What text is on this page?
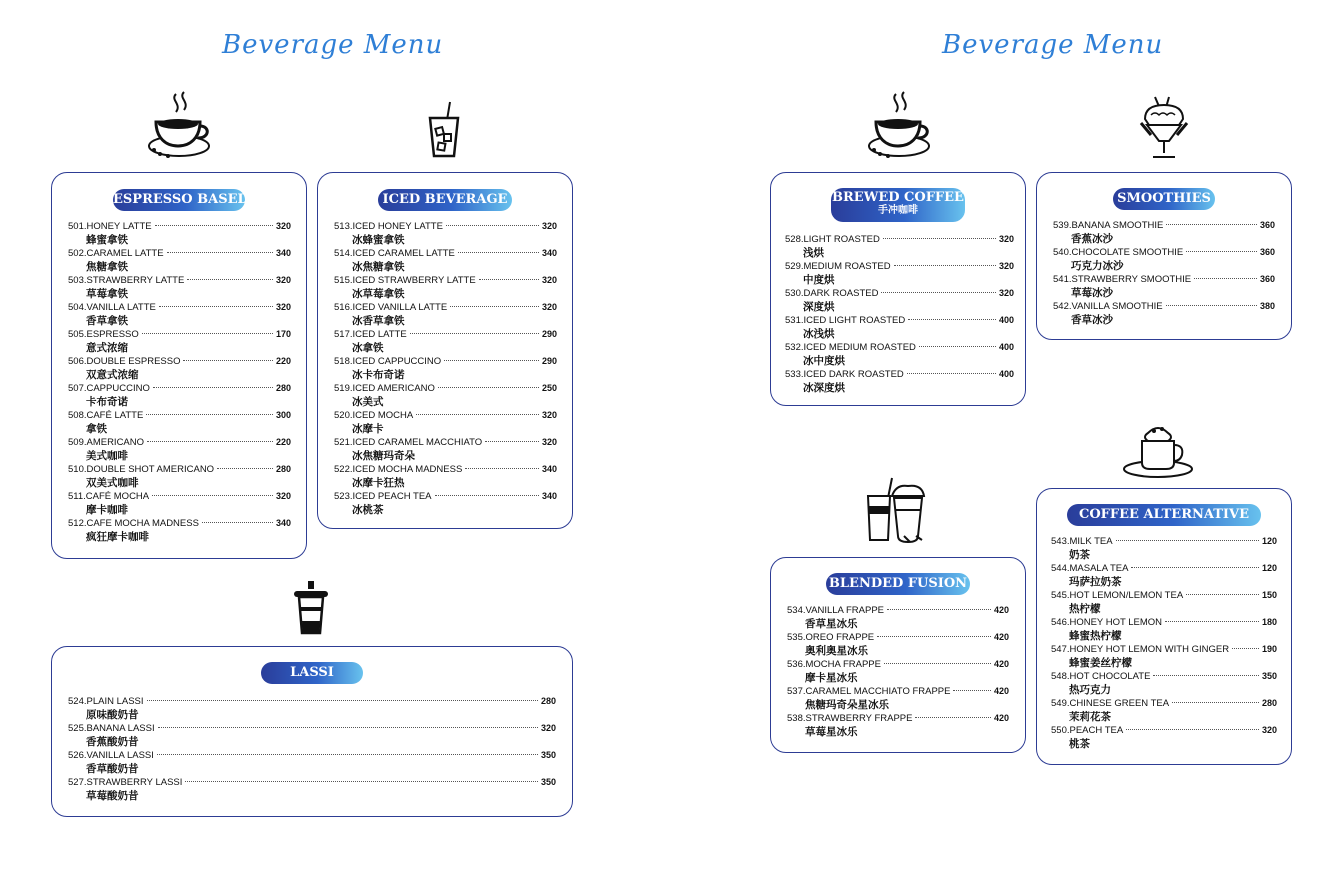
Beverage Menu	Beverage Menu
ESPRESSO BASED
501.HONEY LATTE	320
蜂蜜拿铁
502.CARAMEL LATTE	340
焦糖拿铁
503.STRAWBERRY LATTE	320
草莓拿铁
504.VANILLA LATTE	320
香草拿铁
505.ESPRESSO	170
意式浓缩
506.DOUBLE ESPRESSO	220
双意式浓缩
507.CAPPUCCINO	280
卡布奇诺
508.CAFÉ LATTE	300
拿铁
509.AMERICANO	220
美式咖啡
510.DOUBLE SHOT AMERICANO	280
双美式咖啡
511.CAFÉ MOCHA	320
摩卡咖啡
512.CAFE MOCHA MADNESS	340
疯狂摩卡咖啡
ICED BEVERAGE
513.ICED HONEY LATTE	320
冰蜂蜜拿铁
514.ICED CARAMEL LATTE	340
冰焦糖拿铁
515.ICED STRAWBERRY LATTE	320
冰草莓拿铁
516.ICED VANILLA LATTE	320
冰香草拿铁
517.ICED LATTE	290
冰拿铁
518.ICED CAPPUCCINO	290
冰卡布奇诺
519.ICED AMERICANO	250
冰美式
520.ICED MOCHA	320
冰摩卡
521.ICED CARAMEL MACCHIATO	320
冰焦糖玛奇朵
522.ICED MOCHA MADNESS	340
冰摩卡狂热
523.ICED PEACH TEA	340
冰桃茶
LASSI
524.PLAIN LASSI	280
原味酸奶昔
525.BANANA LASSI	320
香蕉酸奶昔
526.VANILLA LASSI	350
香草酸奶昔
527.STRAWBERRY LASSI	350
草莓酸奶昔
BREWED COFFEE
手冲咖啡
528.LIGHT ROASTED	320
浅烘
529.MEDIUM ROASTED	320
中度烘
530.DARK ROASTED	320
深度烘
531.ICED LIGHT ROASTED	400
冰浅烘
532.ICED MEDIUM ROASTED	400
冰中度烘
533.ICED DARK ROASTED	400
冰深度烘
SMOOTHIES
539.BANANA SMOOTHIE	360
香蕉冰沙
540.CHOCOLATE SMOOTHIE	360
巧克力冰沙
541.STRAWBERRY SMOOTHIE	360
草莓冰沙
542.VANILLA SMOOTHIE	380
香草冰沙
BLENDED FUSION
534.VANILLA FRAPPE	420
香草星冰乐
535.OREO FRAPPE	420
奥利奥星冰乐
536.MOCHA FRAPPE	420
摩卡星冰乐
537.CARAMEL MACCHIATO FRAPPE	420
焦糖玛奇朵星冰乐
538.STRAWBERRY FRAPPE	420
草莓星冰乐
COFFEE ALTERNATIVE
543.MILK TEA	120
奶茶
544.MASALA TEA	120
玛萨拉奶茶
545.HOT LEMON/LEMON TEA	150
热柠檬
546.HONEY HOT LEMON	180
蜂蜜热柠檬
547.HONEY HOT LEMON WITH GINGER	190
蜂蜜姜丝柠檬
548.HOT CHOCOLATE	350
热巧克力
549.CHINESE GREEN TEA	280
茉莉花茶
550.PEACH TEA	320
桃茶
